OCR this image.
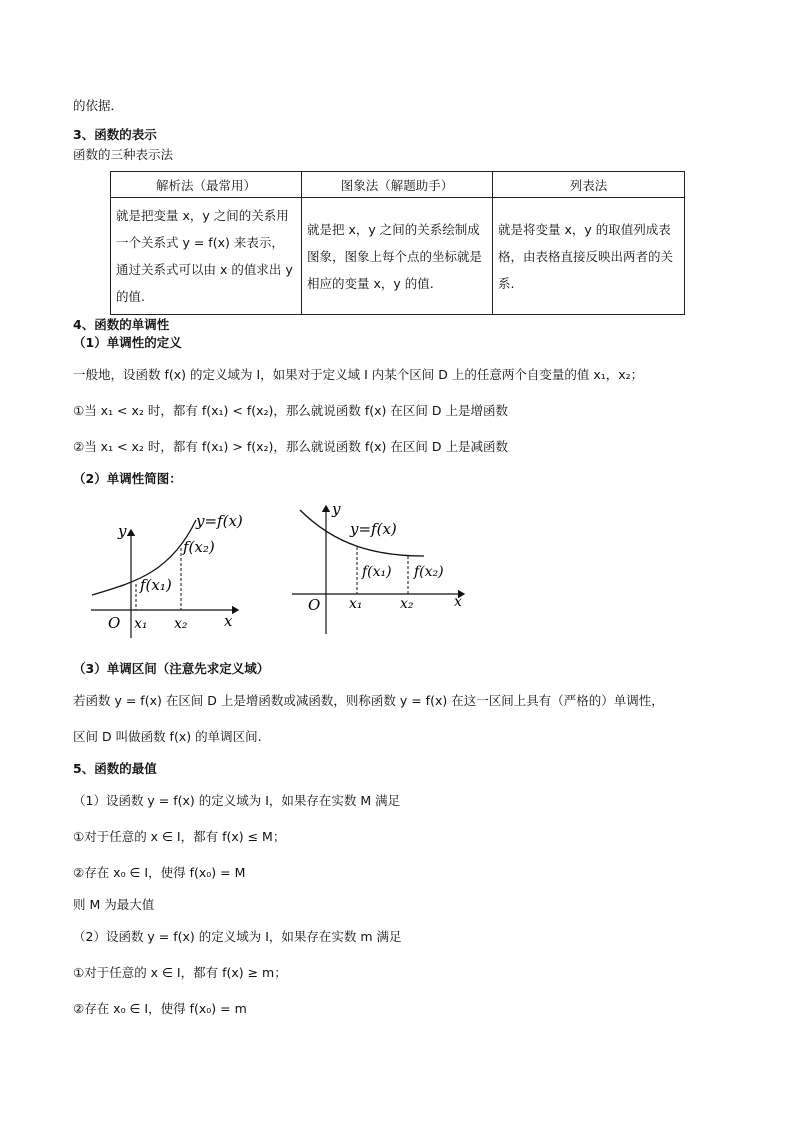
的依据．
3、函数的表示
函数的三种表示法
解析法（最常用）	图象法（解题助手）	列表法
就是把变量 x，y 之间的关系用一个关系式 y = f(x) 来表示，通过关系式可以由 x 的值求出 y 的值.	就是把 x，y 之间的关系绘制成图象，图象上每个点的坐标就是相应的变量 x，y 的值.	就是将变量 x，y 的取值列成表格，由表格直接反映出两者的关系.
4、函数的单调性
（1）单调性的定义
一般地，设函数 f(x) 的定义域为 I，如果对于定义域 I 内某个区间 D 上的任意两个自变量的值 x₁，x₂；
①当 x₁ < x₂ 时，都有 f(x₁) < f(x₂)，那么就说函数 f(x) 在区间 D 上是增函数
②当 x₁ < x₂ 时，都有 f(x₁) > f(x₂)，那么就说函数 f(x) 在区间 D 上是减函数
（2）单调性简图：
y
x
O
y=f(x)
f(x₂)
f(x₁)
x₁ x₂
y
x
O
y=f(x)
f(x₁) f(x₂)
x₁	x₂
（3）单调区间（注意先求定义域）
若函数 y = f(x) 在区间 D 上是增函数或减函数，则称函数 y = f(x) 在这一区间上具有（严格的）单调性，
区间 D 叫做函数 f(x) 的单调区间.
5、函数的最值
（1）设函数 y = f(x) 的定义域为 I，如果存在实数 M 满足
①对于任意的 x ∈ I，都有 f(x) ≤ M；
②存在 x₀ ∈ I，使得 f(x₀) = M
则 M 为最大值
（2）设函数 y = f(x) 的定义域为 I，如果存在实数 m 满足
①对于任意的 x ∈ I，都有 f(x) ≥ m；
②存在 x₀ ∈ I，使得 f(x₀) = m
